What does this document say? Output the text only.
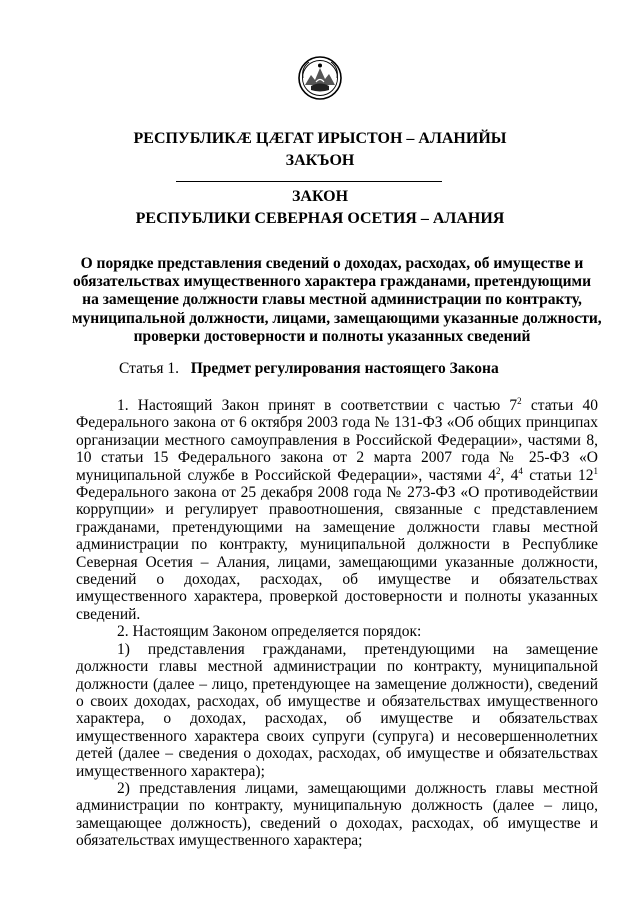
РЕСПУБЛИКӔ ЦӔГАТ ИРЫСТОН – АЛАНИЙЫ
ЗАКЪОН
ЗАКОН
РЕСПУБЛИКИ СЕВЕРНАЯ ОСЕТИЯ – АЛАНИЯ
О порядке представления сведений о доходах, расходах, об имуществе и
обязательствах имущественного характера гражданами, претендующими
на замещение должности главы местной администрации по контракту,
муниципальной должности, лицами, замещающими указанные должности,
проверки достоверности и полноты указанных сведений
Статья 1. Предмет регулирования настоящего Закона

1. Настоящий Закон принят в соответствии с частью $7^2$ статьи 40 Федерального закона от 6 октября 2003 года № 131-ФЗ «Об общих принципах организации местного самоуправления в Российской Федерации», частями 8, 10 статьи 15 Федерального закона от 2 марта 2007 года № 25-ФЗ «О муниципальной службе в Российской Федерации», частями $4^2$, $4^4$ статьи $12^1$ Федерального закона от 25 декабря 2008 года № 273-ФЗ «О противодействии коррупции» и регулирует правоотношения, связанные с представлением гражданами, претендующими на замещение должности главы местной администрации по контракту, муниципальной должности в Республике Северная Осетия – Алания, лицами, замещающими указанные должности, сведений о доходах, расходах, об имуществе и обязательствах имущественного характера, проверкой достоверности и полноты указанных сведений.

2. Настоящим Законом определяется порядок:

1) представления гражданами, претендующими на замещение должности главы местной администрации по контракту, муниципальной должности (далее – лицо, претендующее на замещение должности), сведений о своих доходах, расходах, об имуществе и обязательствах имущественного характера, о доходах, расходах, об имуществе и обязательствах имущественного характера своих супруги (супруга) и несовершеннолетних детей (далее – сведения о доходах, расходах, об имуществе и обязательствах имущественного характера);

2) представления лицами, замещающими должность главы местной администрации по контракту, муниципальную должность (далее – лицо, замещающее должность), сведений о доходах, расходах, об имуществе и обязательствах имущественного характера;
